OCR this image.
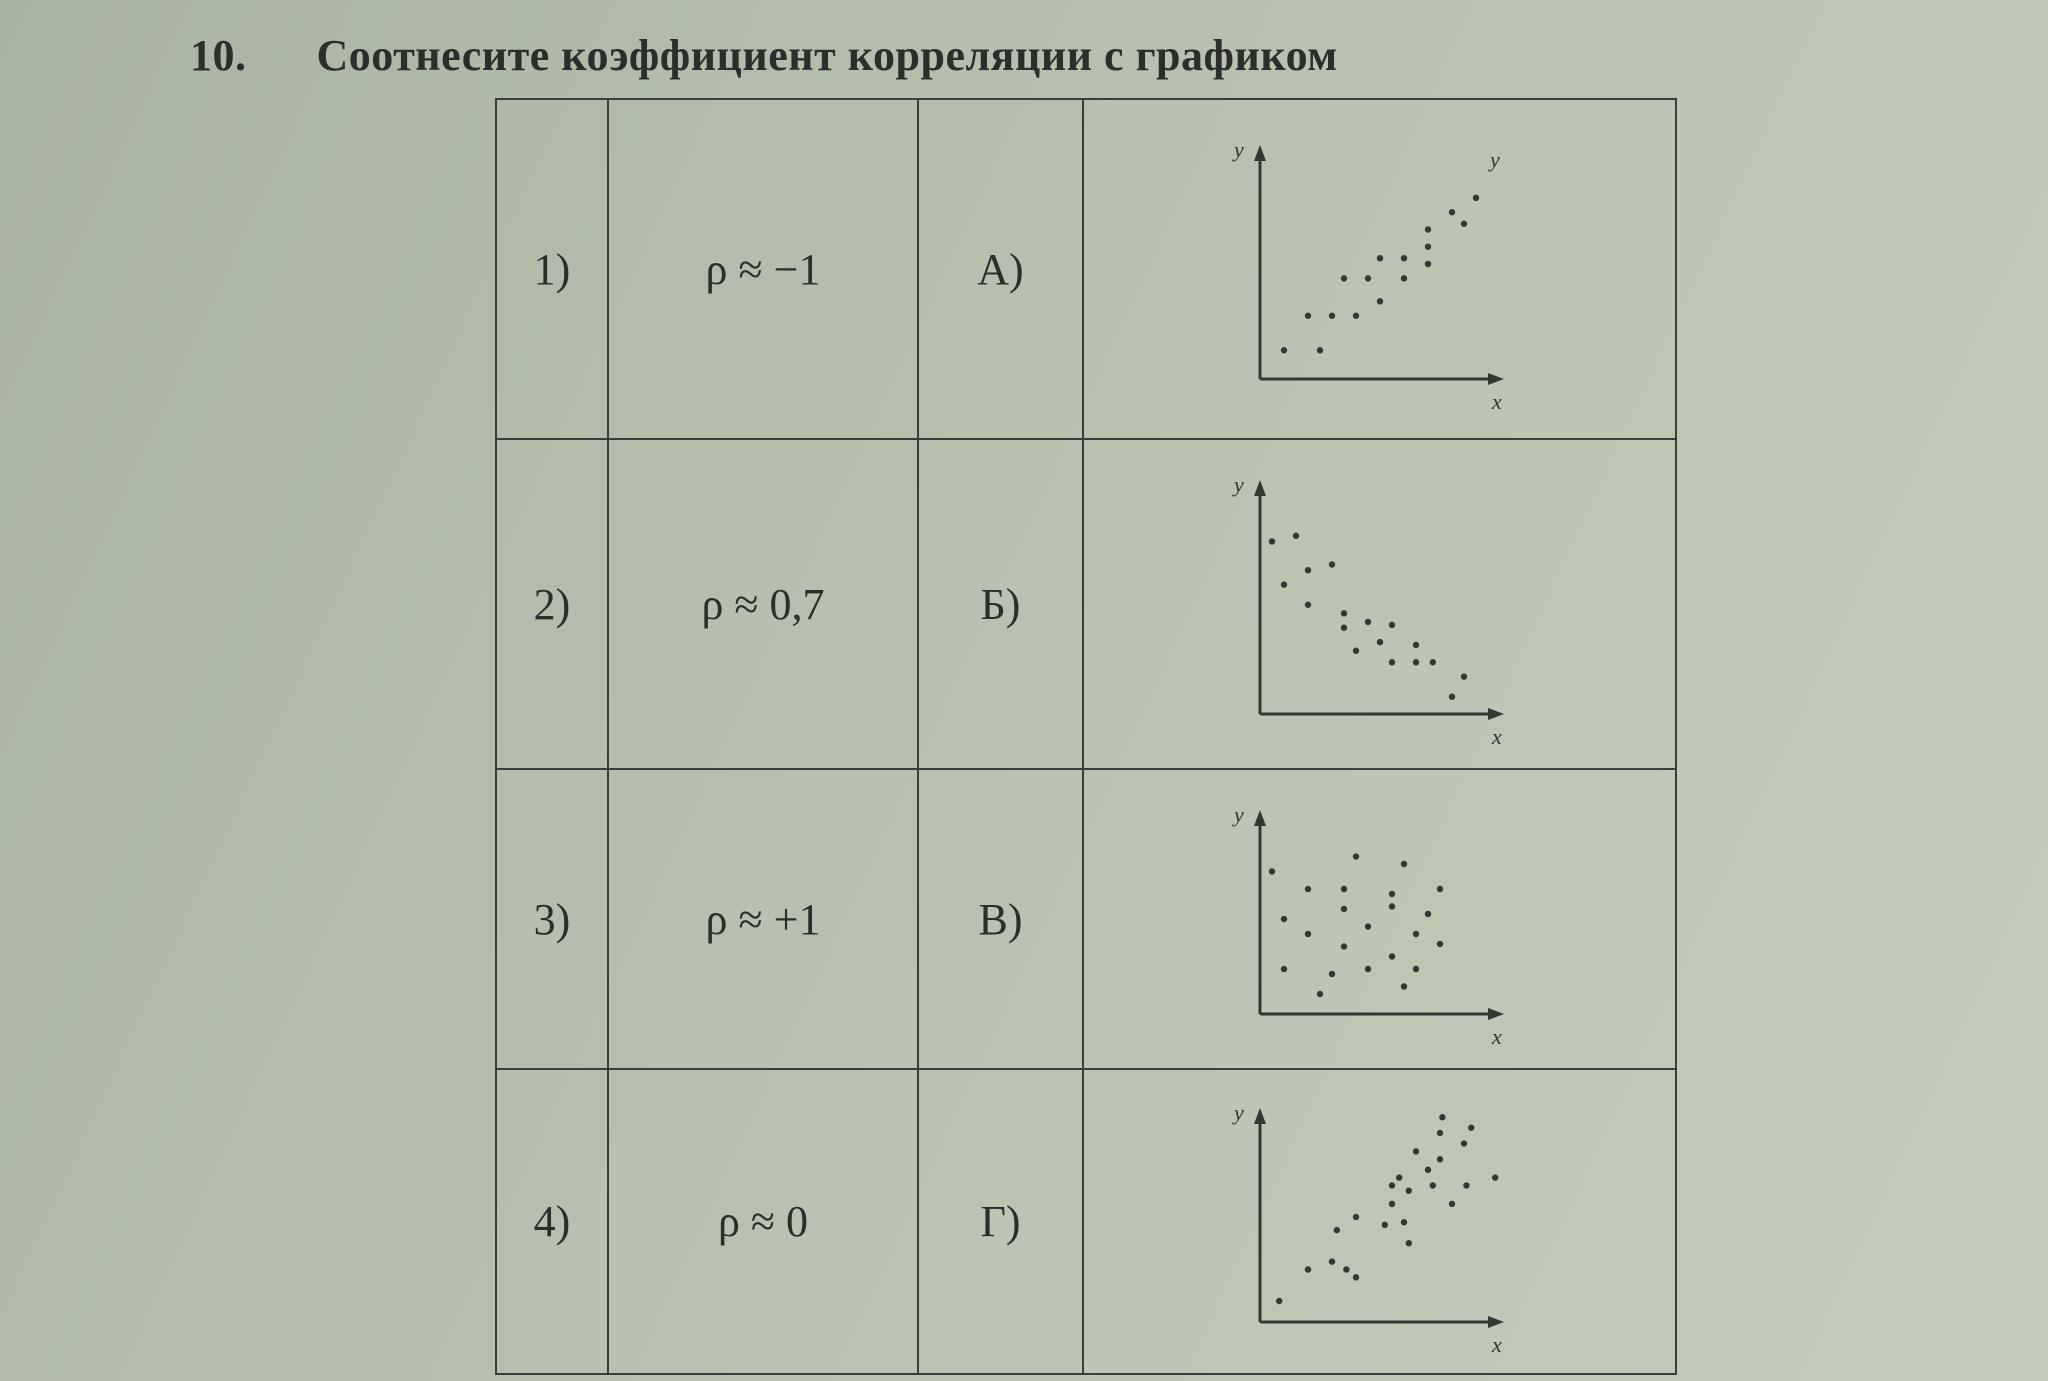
10. Соотнесите коэффициент корреляции с графиком
1)	ρ ≈ −1	А)	y
x
y

2)	ρ ≈ 0,7	Б)	y
x

3)	ρ ≈ +1	В)	y
x

4)	ρ ≈ 0	Г)	y
x
